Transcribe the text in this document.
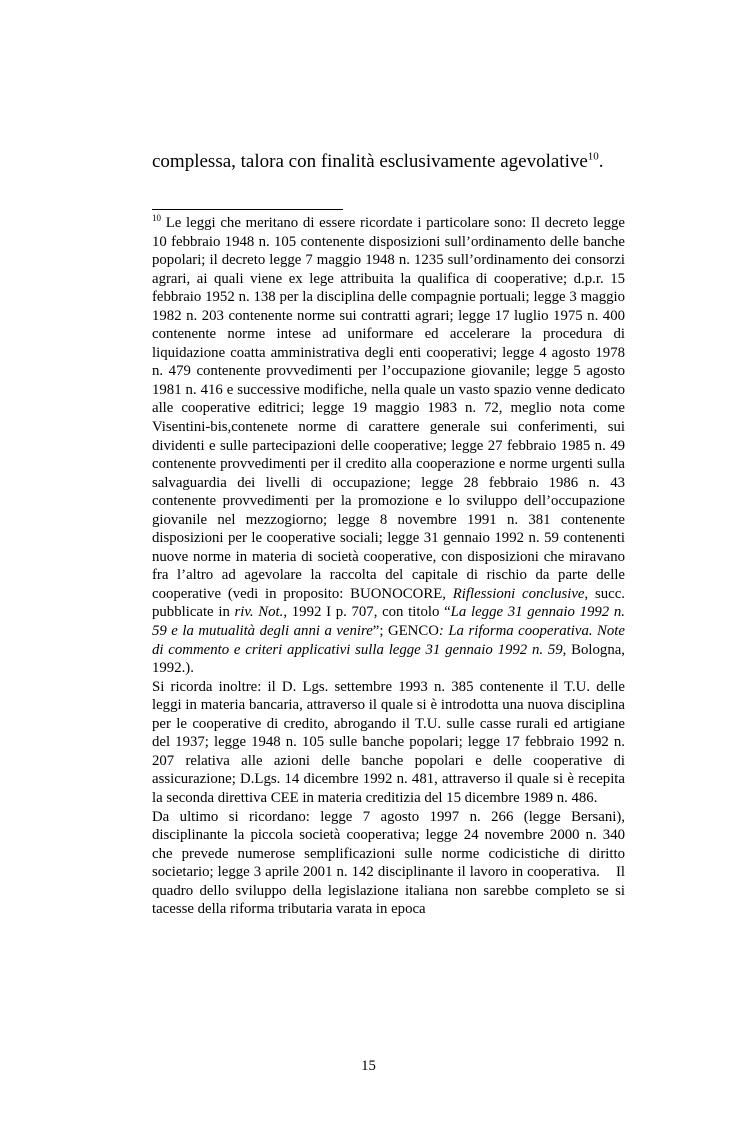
complessa, talora con finalità esclusivamente agevolative$^{10}$.

$^{10}$ Le leggi che meritano di essere ricordate i particolare sono: Il decreto legge 10 febbraio 1948 n. 105 contenente disposizioni sull’ordinamento delle banche popolari; il decreto legge 7 maggio 1948 n. 1235 sull’ordinamento dei consorzi agrari, ai quali viene ex lege attribuita la qualifica di cooperative; d.p.r. 15 febbraio 1952 n. 138 per la disciplina delle compagnie portuali; legge 3 maggio 1982 n. 203 contenente norme sui contratti agrari; legge 17 luglio 1975 n. 400 contenente norme intese ad uniformare ed accelerare la procedura di liquidazione coatta amministrativa degli enti cooperativi; legge 4 agosto 1978 n. 479 contenente provvedimenti per l’occupazione giovanile; legge 5 agosto 1981 n. 416 e successive modifiche, nella quale un vasto spazio venne dedicato alle cooperative editrici; legge 19 maggio 1983 n. 72, meglio nota come Visentini-bis,contenete norme di carattere generale sui conferimenti, sui dividenti e sulle partecipazioni delle cooperative; legge 27 febbraio 1985 n. 49 contenente provvedimenti per il credito alla cooperazione e norme urgenti sulla salvaguardia dei livelli di occupazione; legge 28 febbraio 1986 n. 43 contenente provvedimenti per la promozione e lo sviluppo dell’occupazione giovanile nel mezzogiorno; legge 8 novembre 1991 n. 381 contenente disposizioni per le cooperative sociali; legge 31 gennaio 1992 n. 59 contenenti nuove norme in materia di società cooperative, con disposizioni che miravano fra l’altro ad agevolare la raccolta del capitale di rischio da parte delle cooperative (vedi in proposito: BUONOCORE, Riflessioni conclusive, succ. pubblicate in riv. Not., 1992 I p. 707, con titolo “La legge 31 gennaio 1992 n. 59 e la mutualità degli anni a venire”; GENCO: La riforma cooperativa. Note di commento e criteri applicativi sulla legge 31 gennaio 1992 n. 59, Bologna, 1992.).

Si ricorda inoltre: il D. Lgs. settembre 1993 n. 385 contenente il T.U. delle leggi in materia bancaria, attraverso il quale si è introdotta una nuova disciplina per le cooperative di credito, abrogando il T.U. sulle casse rurali ed artigiane del 1937; legge 1948 n. 105 sulle banche popolari; legge 17 febbraio 1992 n. 207 relativa alle azioni delle banche popolari e delle cooperative di assicurazione; D.Lgs. 14 dicembre 1992 n. 481, attraverso il quale si è recepita la seconda direttiva CEE in materia creditizia del 15 dicembre 1989 n. 486.

Da ultimo si ricordano: legge 7 agosto 1997 n. 266 (legge Bersani), disciplinante la piccola società cooperativa; legge 24 novembre 2000 n. 340 che prevede numerose semplificazioni sulle norme codicistiche di diritto societario; legge 3 aprile 2001 n. 142 disciplinante il lavoro in cooperativa.    Il quadro dello sviluppo della legislazione italiana non sarebbe completo se si tacesse della riforma tributaria varata in epoca

15
